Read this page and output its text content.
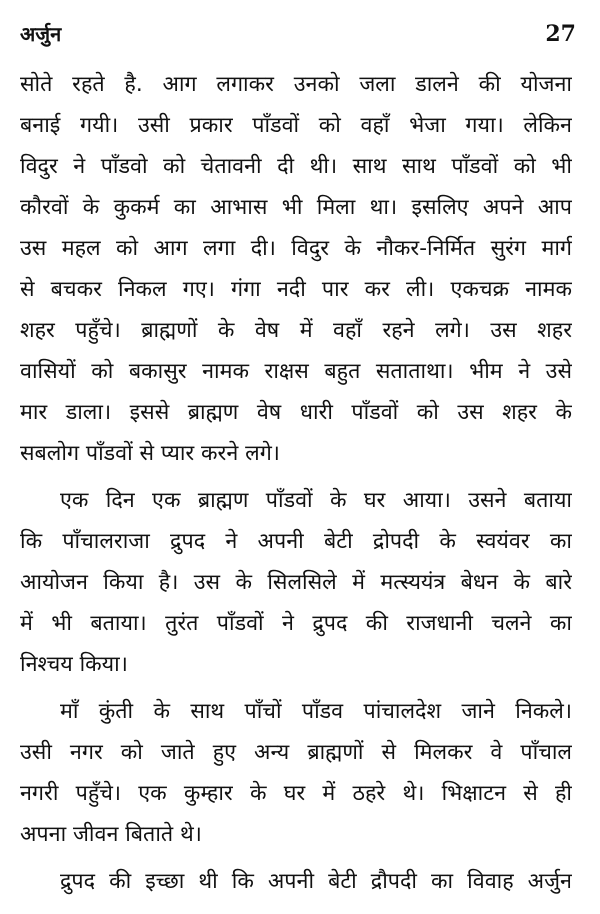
अर्जुन	27
सोते रहते है. आग लगाकर उनको जला डालने की योजना
बनाई गयी। उसी प्रकार पाँडवों को वहाँ भेजा गया। लेकिन
विदुर ने पाँडवो को चेतावनी दी थी। साथ साथ पाँडवों को भी
कौरवों के कुकर्म का आभास भी मिला था। इसलिए अपने आप
उस महल को आग लगा दी। विदुर के नौकर-निर्मित सुरंग मार्ग
से बचकर निकल गए। गंगा नदी पार कर ली। एकचक्र नामक
शहर पहुँचे। ब्राह्मणों के वेष में वहाँ रहने लगे। उस शहर
वासियों को बकासुर नामक राक्षस बहुत सताताथा। भीम ने उसे
मार डाला। इससे ब्राह्मण वेष धारी पाँडवों को उस शहर के
सबलोग पाँडवों से प्यार करने लगे।
एक दिन एक ब्राह्मण पाँडवों के घर आया। उसने बताया
कि पाँचालराजा द्रुपद ने अपनी बेटी द्रोपदी के स्वयंवर का
आयोजन किया है। उस के सिलसिले में मत्स्ययंत्र बेधन के बारे
में भी बताया। तुरंत पाँडवों ने द्रुपद की राजधानी चलने का
निश्चय किया।
माँ कुंती के साथ पाँचों पाँडव पांचालदेश जाने निकले।
उसी नगर को जाते हुए अन्य ब्राह्मणों से मिलकर वे पाँचाल
नगरी पहुँचे। एक कुम्हार के घर में ठहरे थे। भिक्षाटन से ही
अपना जीवन बिताते थे।
द्रुपद की इच्छा थी कि अपनी बेटी द्रौपदी का विवाह अर्जुन
